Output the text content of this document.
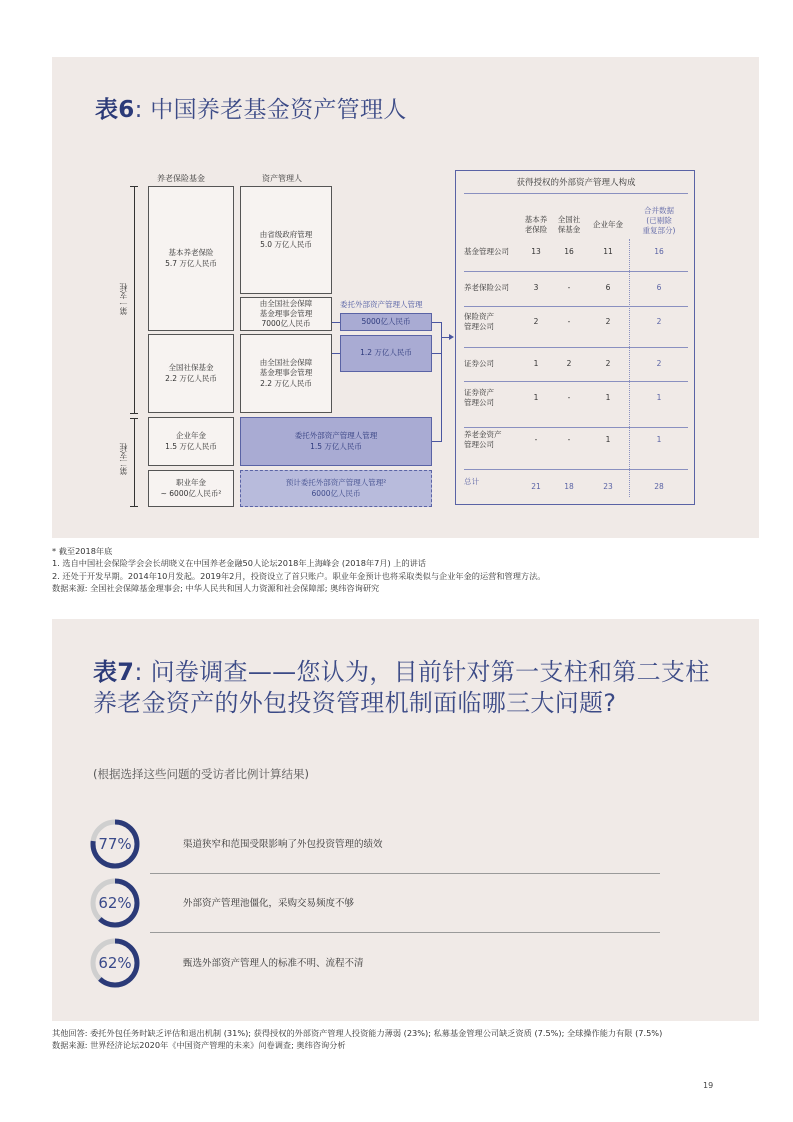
表6: 中国养老基金资产管理人
养老保险基金	资产管理人
第一支柱
第二支柱
基本养老保险
5.7 万亿人民币
全国社保基金
2.2 万亿人民币
企业年金
1.5 万亿人民币
职业年金
~ 6000亿人民币²
由省级政府管理
5.0 万亿人民币
由全国社会保障
基金理事会管理
7000亿人民币
由全国社会保障
基金理事会管理
2.2 万亿人民币
委托外部资产管理人管理
1.5 万亿人民币
预计委托外部资产管理人管理²
6000亿人民币
委托外部资产管理人管理
5000亿人民币
1.2 万亿人民币
获得授权的外部资产管理人构成
基本养
老保险
全国社
保基金
企业年金
合并数据
(已剔除
重复部分)
基金管理公司	13	16	11	16
养老保险公司	3	-	6	6
保险资产
管理公司
2	-	2	2
证券公司	1	2	2	2
证券资产
管理公司
1	-	1	1
养老金资产
管理公司
-	-	1	1
总计
21	18	23	28
* 截至2018年底
1. 选自中国社会保险学会会长胡晓义在中国养老金融50人论坛2018年上海峰会 (2018年7月) 上的讲话
2. 还处于开发早期。2014年10月发起。2019年2月，投资设立了首只账户。职业年金预计也将采取类似与企业年金的运营和管理方法。
数据来源: 全国社会保障基金理事会; 中华人民共和国人力资源和社会保障部; 奥纬咨询研究
表7: 问卷调查——您认为，目前针对第一支柱和第二支柱
养老金资产的外包投资管理机制面临哪三大问题?
(根据选择这些问题的受访者比例计算结果)
77%	渠道狭窄和范围受限影响了外包投资管理的绩效
62%	外部资产管理池僵化，采购交易频度不够
62%	甄选外部资产管理人的标准不明、流程不清
其他回答: 委托外包任务时缺乏评估和退出机制 (31%); 获得授权的外部资产管理人投资能力薄弱 (23%); 私募基金管理公司缺乏资质 (7.5%); 全球操作能力有限 (7.5%)
数据来源: 世界经济论坛2020年《中国资产管理的未来》问卷调查; 奥纬咨询分析
19
